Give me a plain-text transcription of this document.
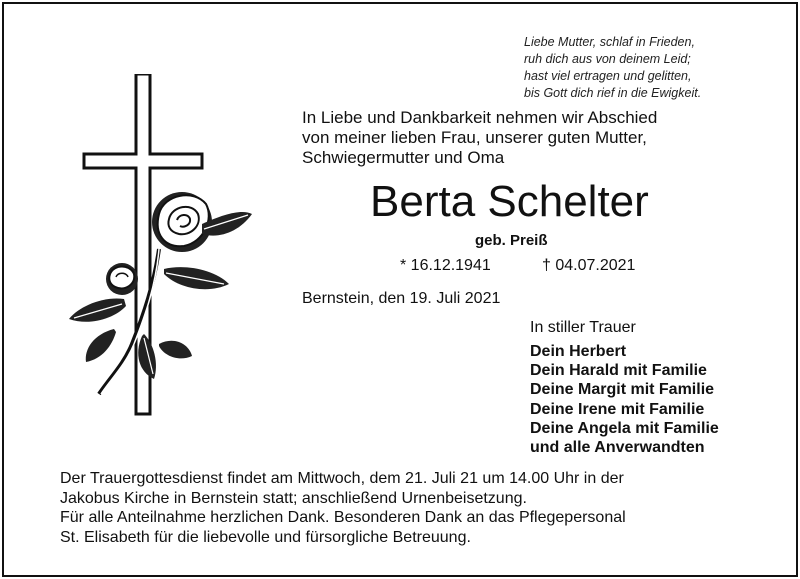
Liebe Mutter, schlaf in Frieden,
ruh dich aus von deinem Leid;
hast viel ertragen und gelitten,
bis Gott dich rief in die Ewigkeit.
In Liebe und Dankbarkeit nehmen wir Abschied
von meiner lieben Frau, unserer guten Mutter,
Schwiegermutter und Oma
Berta Schelter
geb. Preiß
* 16.12.1941	† 04.07.2021
Bernstein, den 19. Juli 2021
In stiller Trauer
Dein Herbert
Dein Harald mit Familie
Deine Margit mit Familie
Deine Irene mit Familie
Deine Angela mit Familie
und alle Anverwandten
Der Trauergottesdienst findet am Mittwoch, dem 21. Juli 21 um 14.00 Uhr in der
Jakobus Kirche in Bernstein statt; anschließend Urnenbeisetzung.
Für alle Anteilnahme herzlichen Dank. Besonderen Dank an das Pflegepersonal
St. Elisabeth für die liebevolle und fürsorgliche Betreuung.
